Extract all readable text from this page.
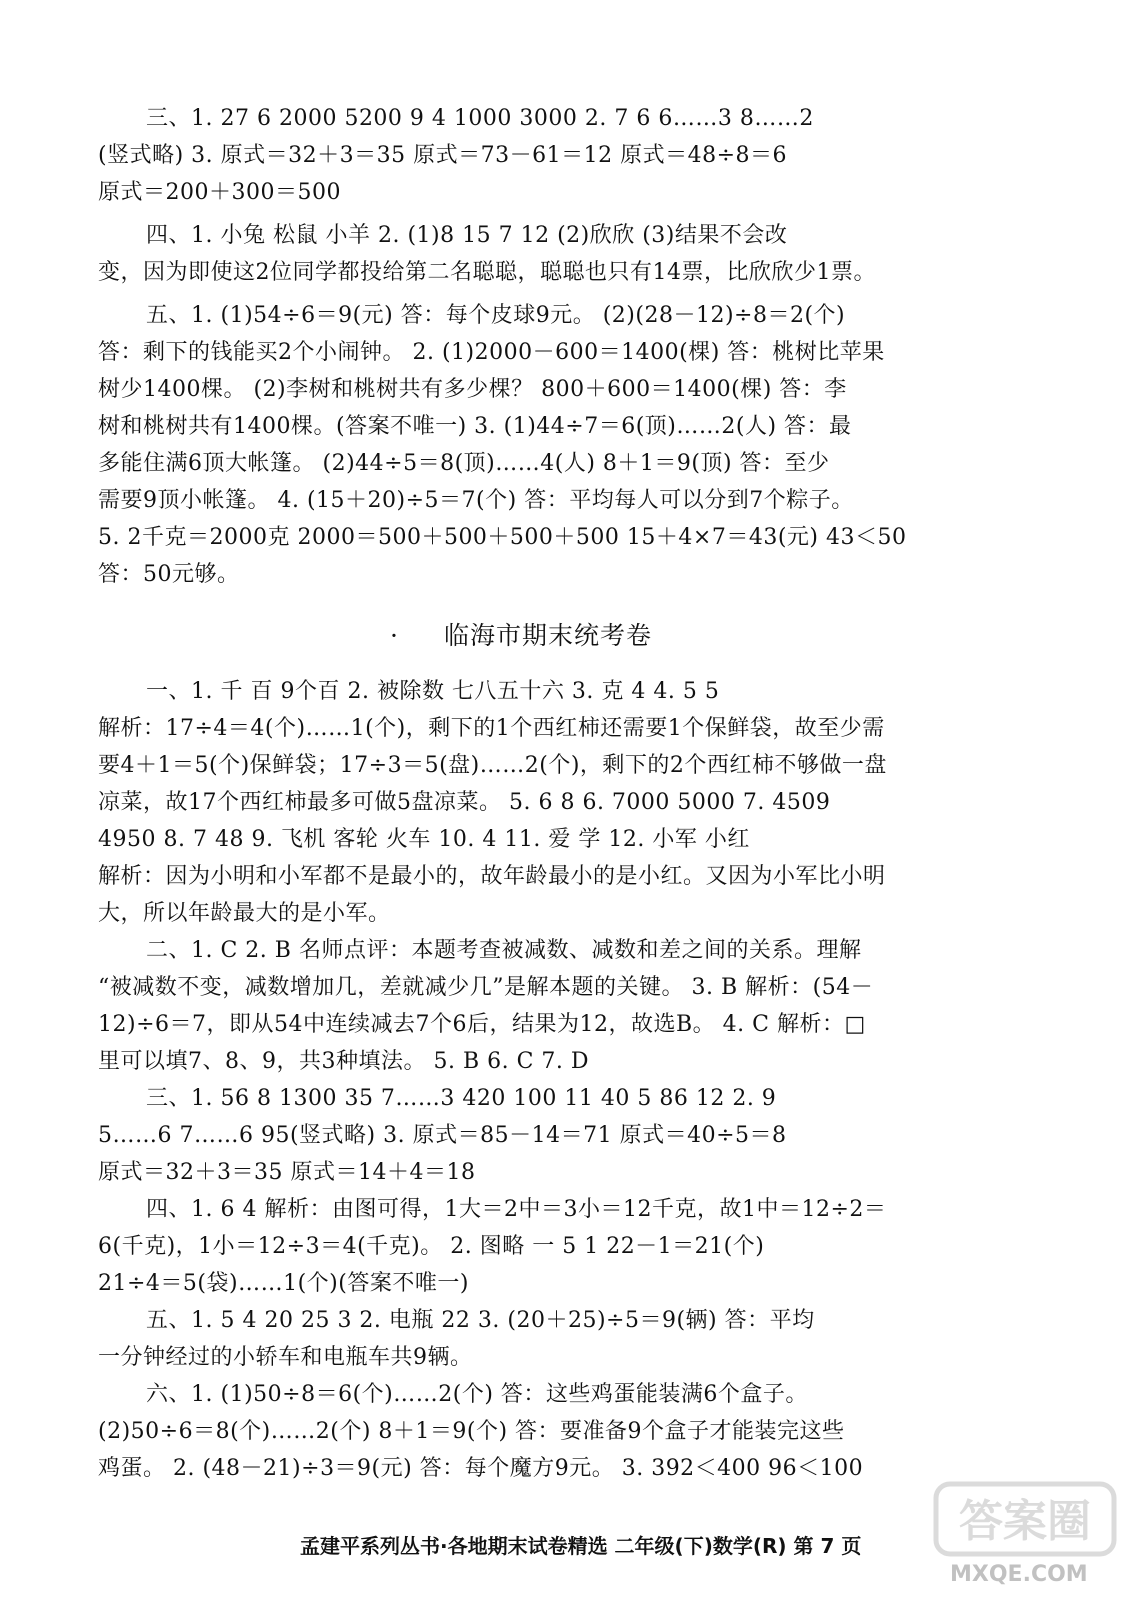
三、1. 27 6 2000 5200 9 4 1000 3000 2. 7 6 6……3 8……2
(竖式略) 3. 原式＝32＋3＝35 原式＝73－61＝12 原式＝48÷8＝6
原式＝200＋300＝500
四、1. 小兔 松鼠 小羊 2. (1)8 15 7 12 (2)欣欣 (3)结果不会改
变，因为即使这2位同学都投给第二名聪聪，聪聪也只有14票，比欣欣少1票。
五、1. (1)54÷6＝9(元) 答：每个皮球9元。 (2)(28－12)÷8＝2(个)
答：剩下的钱能买2个小闹钟。 2. (1)2000－600＝1400(棵) 答：桃树比苹果
树少1400棵。 (2)李树和桃树共有多少棵？ 800＋600＝1400(棵) 答：李
树和桃树共有1400棵。(答案不唯一) 3. (1)44÷7＝6(顶)……2(人) 答：最
多能住满6顶大帐篷。 (2)44÷5＝8(顶)……4(人) 8＋1＝9(顶) 答：至少
需要9顶小帐篷。 4. (15＋20)÷5＝7(个) 答：平均每人可以分到7个粽子。
5. 2千克＝2000克 2000＝500＋500＋500＋500 15＋4×7＝43(元) 43＜50
答：50元够。
· 临海市期末统考卷
一、1. 千 百 9个百 2. 被除数 七八五十六 3. 克 4 4. 5 5
解析：17÷4＝4(个)……1(个)，剩下的1个西红柿还需要1个保鲜袋，故至少需
要4＋1＝5(个)保鲜袋；17÷3＝5(盘)……2(个)，剩下的2个西红柿不够做一盘
凉菜，故17个西红柿最多可做5盘凉菜。 5. 6 8 6. 7000 5000 7. 4509
4950 8. 7 48 9. 飞机 客轮 火车 10. 4 11. 爱 学 12. 小军 小红
解析：因为小明和小军都不是最小的，故年龄最小的是小红。又因为小军比小明
大，所以年龄最大的是小军。
二、1. C 2. B 名师点评：本题考查被减数、减数和差之间的关系。理解
“被减数不变，减数增加几，差就减少几”是解本题的关键。 3. B 解析：(54－
12)÷6＝7，即从54中连续减去7个6后，结果为12，故选B。 4. C 解析：□
里可以填7、8、9，共3种填法。 5. B 6. C 7. D
三、1. 56 8 1300 35 7……3 420 100 11 40 5 86 12 2. 9
5……6 7……6 95(竖式略) 3. 原式＝85－14＝71 原式＝40÷5＝8
原式＝32＋3＝35 原式＝14＋4＝18
四、1. 6 4 解析：由图可得，1大＝2中＝3小＝12千克，故1中＝12÷2＝
6(千克)，1小＝12÷3＝4(千克)。 2. 图略 一 5 1 22－1＝21(个)
21÷4＝5(袋)……1(个)(答案不唯一)
五、1. 5 4 20 25 3 2. 电瓶 22 3. (20＋25)÷5＝9(辆) 答：平均
一分钟经过的小轿车和电瓶车共9辆。
六、1. (1)50÷8＝6(个)……2(个) 答：这些鸡蛋能装满6个盒子。
(2)50÷6＝8(个)……2(个) 8＋1＝9(个) 答：要准备9个盒子才能装完这些
鸡蛋。 2. (48－21)÷3＝9(元) 答：每个魔方9元。 3. 392＜400 96＜100
孟建平系列丛书·各地期末试卷精选 二年级(下)数学(R) 第 7 页 答案圈
MXQE.COM
